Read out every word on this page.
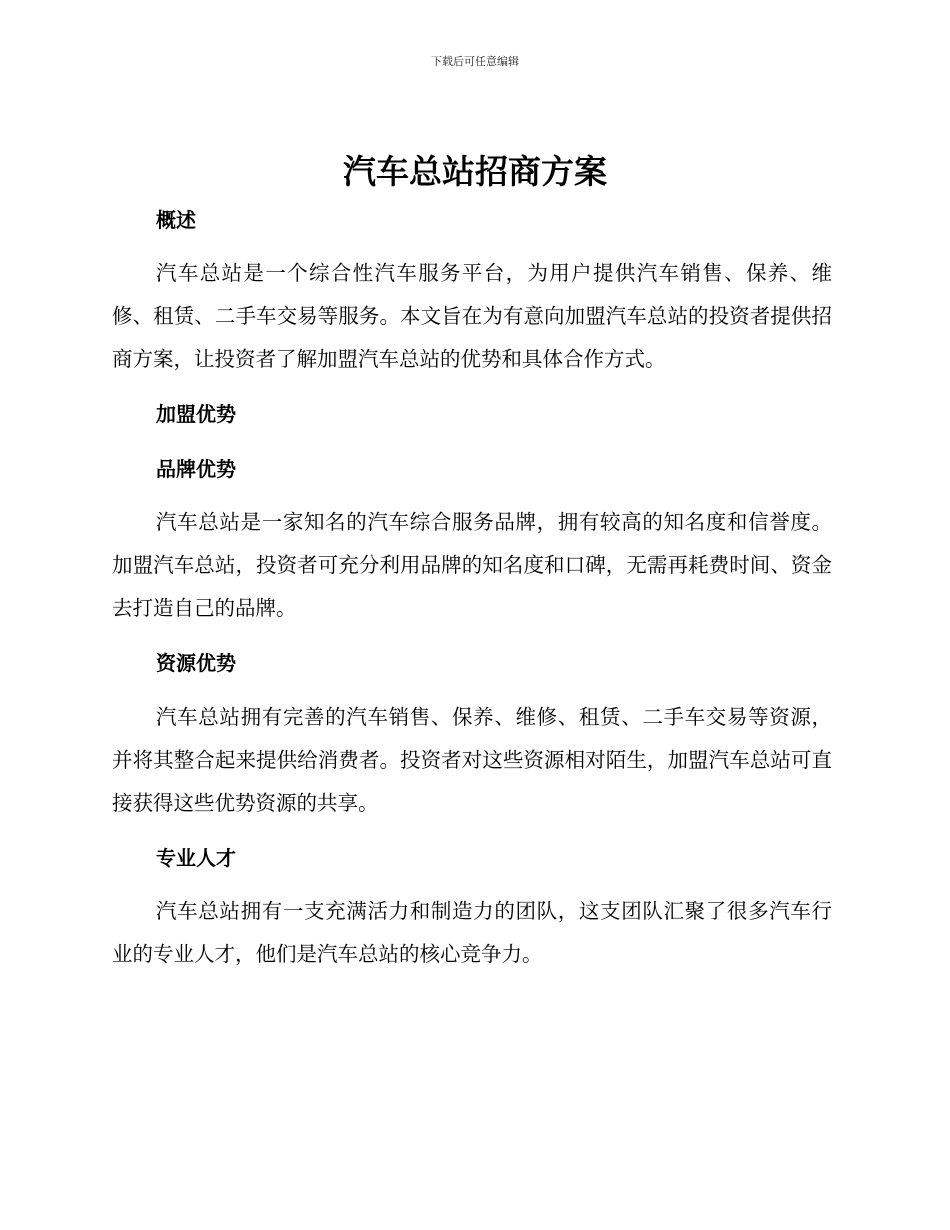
下载后可任意编辑
汽车总站招商方案
概述

汽车总站是一个综合性汽车服务平台，为用户提供汽车销售、保养、维修、租赁、二手车交易等服务。本文旨在为有意向加盟汽车总站的投资者提供招商方案，让投资者了解加盟汽车总站的优势和具体合作方式。

加盟优势
品牌优势

汽车总站是一家知名的汽车综合服务品牌，拥有较高的知名度和信誉度。加盟汽车总站，投资者可充分利用品牌的知名度和口碑，无需再耗费时间、资金去打造自己的品牌。

资源优势

汽车总站拥有完善的汽车销售、保养、维修、租赁、二手车交易等资源，并将其整合起来提供给消费者。投资者对这些资源相对陌生，加盟汽车总站可直接获得这些优势资源的共享。

专业人才

汽车总站拥有一支充满活力和制造力的团队，这支团队汇聚了很多汽车行业的专业人才，他们是汽车总站的核心竞争力。
